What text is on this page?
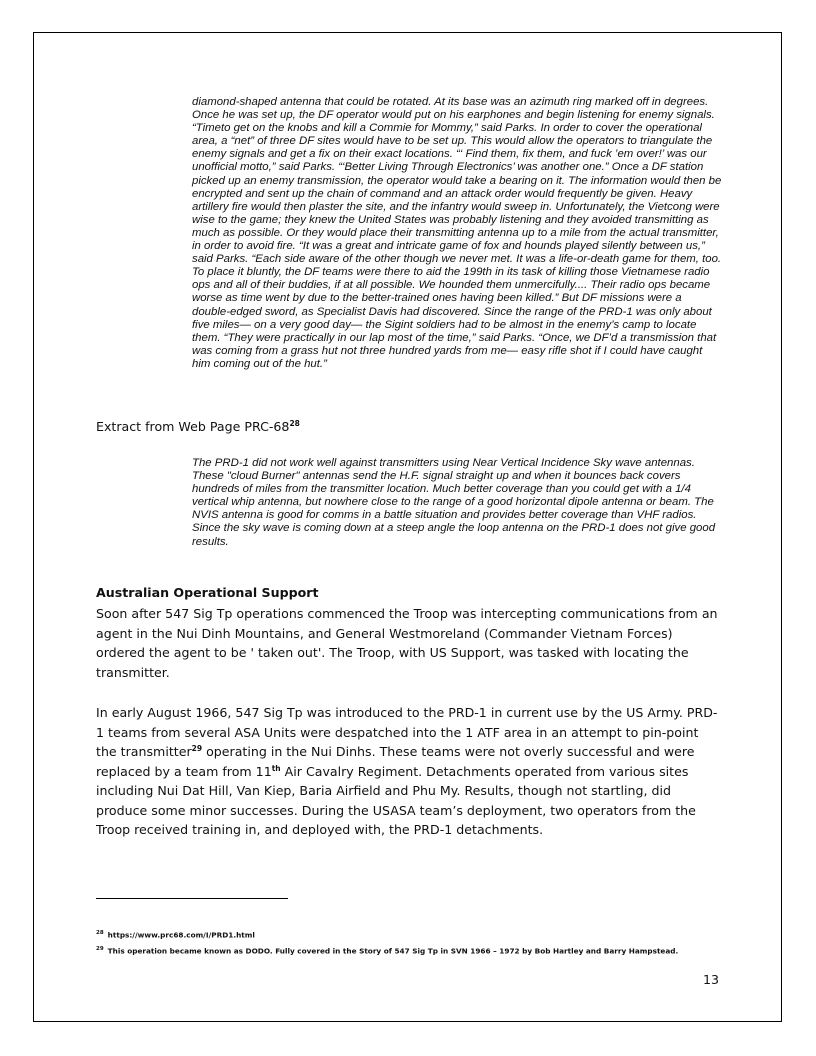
diamond-shaped antenna that could be rotated. At its base was an azimuth ring marked off in degrees. Once he was set up, the DF operator would put on his earphones and begin listening for enemy signals. “Timeto get on the knobs and kill a Commie for Mommy,” said Parks. In order to cover the operational area, a “net” of three DF sites would have to be set up. This would allow the operators to triangulate the enemy signals and get a fix on their exact locations. “‘ Find them, fix them, and fuck ’em over!’ was our unofficial motto,” said Parks. “‘Better Living Through Electronics’ was another one.” Once a DF station picked up an enemy transmission, the operator would take a bearing on it. The information would then be encrypted and sent up the chain of command and an attack order would frequently be given. Heavy artillery fire would then plaster the site, and the infantry would sweep in. Unfortunately, the Vietcong were wise to the game; they knew the United States was probably listening and they avoided transmitting as much as possible. Or they would place their transmitting antenna up to a mile from the actual transmitter, in order to avoid fire. “It was a great and intricate game of fox and hounds played silently between us,” said Parks. “Each side aware of the other though we never met. It was a life-or-death game for them, too. To place it bluntly, the DF teams were there to aid the 199th in its task of killing those Vietnamese radio ops and all of their buddies, if at all possible. We hounded them unmercifully.... Their radio ops became worse as time went by due to the better-trained ones having been killed.” But DF missions were a double-edged sword, as Specialist Davis had discovered. Since the range of the PRD-1 was only about five miles— on a very good day— the Sigint soldiers had to be almost in the enemy’s camp to locate them. “They were practically in our lap most of the time,” said Parks. “Once, we DF’d a transmission that was coming from a grass hut not three hundred yards from me— easy rifle shot if I could have caught him coming out of the hut.”

Extract from Web Page PRC-$68^{28}$

The PRD-1 did not work well against transmitters using Near Vertical Incidence Sky wave antennas. These "cloud Burner" antennas send the H.F. signal straight up and when it bounces back covers hundreds of miles from the transmitter location. Much better coverage than you could get with a 1/4 vertical whip antenna, but nowhere close to the range of a good horizontal dipole antenna or beam. The NVIS antenna is good for comms in a battle situation and provides better coverage than VHF radios. Since the sky wave is coming down at a steep angle the loop antenna on the PRD-1 does not give good results.

Australian Operational Support

Soon after 547 Sig Tp operations commenced the Troop was intercepting communications from an agent in the Nui Dinh Mountains, and General Westmoreland (Commander Vietnam Forces) ordered the agent to be ' taken out'. The Troop, with US Support, was tasked with locating the transmitter.

In early August 1966, 547 Sig Tp was introduced to the PRD-1 in current use by the US Army. PRD-1 teams from several ASA Units were despatched into the 1 ATF area in an attempt to pin-point the transmitter$^{29}$ operating in the Nui Dinhs. These teams were not overly successful and were replaced by a team from 11th Air Cavalry Regiment. Detachments operated from various sites including Nui Dat Hill, Van Kiep, Baria Airfield and Phu My. Results, though not startling, did produce some minor successes. During the USASA team’s deployment, two operators from the Troop received training in, and deployed with, the PRD-1 detachments.

$^{28}$ https://www.prc68.com/I/PRD1.html

$^{29}$ This operation became known as DODO. Fully covered in the Story of 547 Sig Tp in SVN 1966 – 1972 by Bob Hartley and Barry Hampstead.

13
